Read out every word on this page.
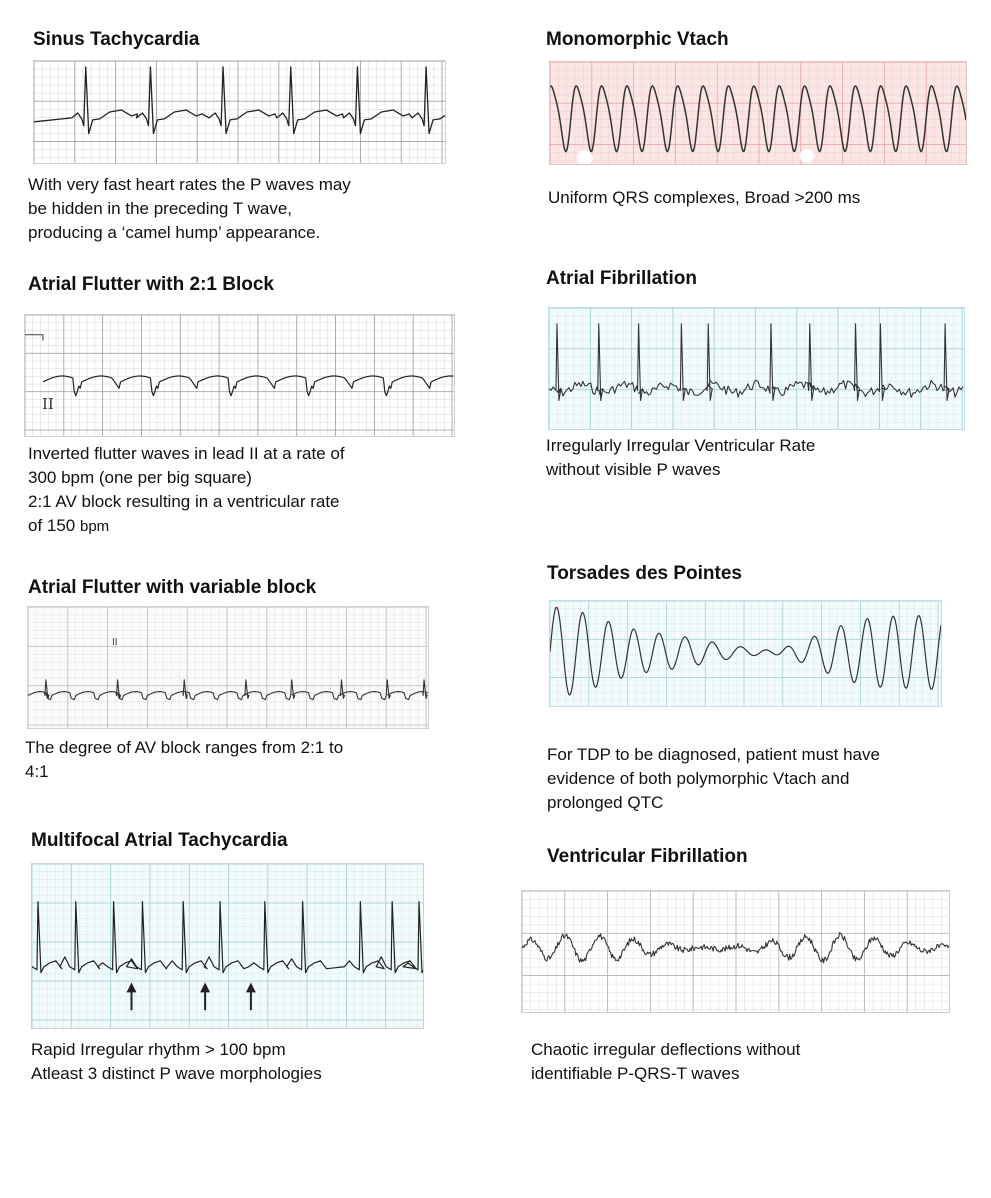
Sinus Tachycardia
With very fast heart rates the P waves may
be hidden in the preceding T wave,
producing a ‘camel hump’ appearance.
Atrial Flutter with 2:1 Block
II
Inverted flutter waves in lead II at a rate of
300 bpm (one per big square)
2:1 AV block resulting in a ventricular rate
of 150 bpm
Atrial Flutter with variable block
II
The degree of AV block ranges from 2:1 to
4:1
Multifocal Atrial Tachycardia
Rapid Irregular rhythm > 100 bpm
Atleast 3 distinct P wave morphologies
Monomorphic Vtach
Uniform QRS complexes, Broad >200 ms
Atrial Fibrillation
Irregularly Irregular Ventricular Rate
without visible P waves
Torsades des Pointes
For TDP to be diagnosed, patient must have
evidence of both polymorphic Vtach and
prolonged QTC
Ventricular Fibrillation
Chaotic irregular deflections without
identifiable P-QRS-T waves
